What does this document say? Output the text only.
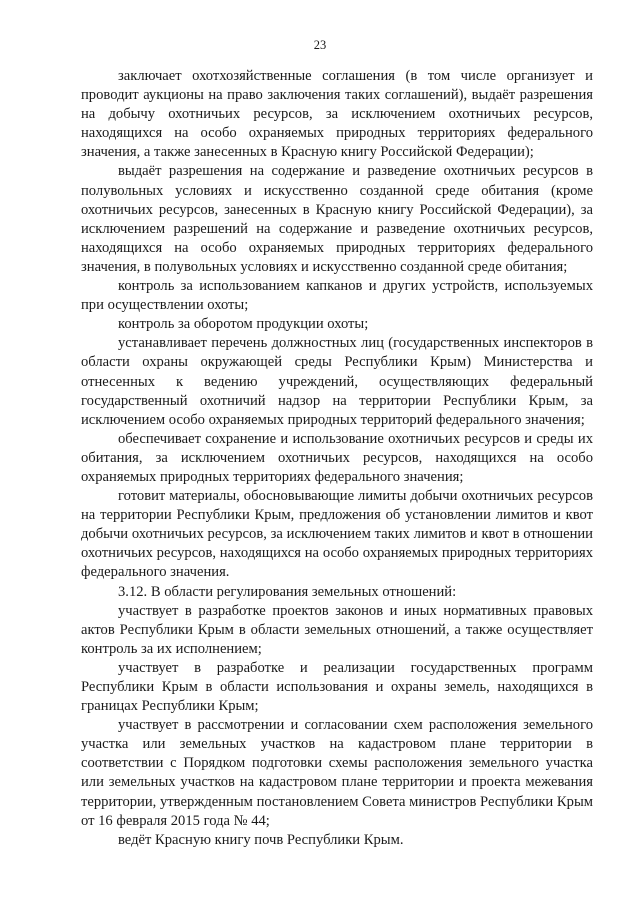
23

заключает охотхозяйственные соглашения (в том числе организует и проводит аукционы на право заключения таких соглашений), выдаёт разрешения на добычу охотничьих ресурсов, за исключением охотничьих ресурсов, находящихся на особо охраняемых природных территориях федерального значения, а также занесенных в Красную книгу Российской Федерации);

выдаёт разрешения на содержание и разведение охотничьих ресурсов в полувольных условиях и искусственно созданной среде обитания (кроме охотничьих ресурсов, занесенных в Красную книгу Российской Федерации), за исключением разрешений на содержание и разведение охотничьих ресурсов, находящихся на особо охраняемых природных территориях федерального значения, в полувольных условиях и искусственно созданной среде обитания;

контроль за использованием капканов и других устройств, используемых при осуществлении охоты;

контроль за оборотом продукции охоты;

устанавливает перечень должностных лиц (государственных инспекторов в области охраны окружающей среды Республики Крым) Министерства и отнесенных к ведению учреждений, осуществляющих федеральный государственный охотничий надзор на территории Республики Крым, за исключением особо охраняемых природных территорий федерального значения;

обеспечивает сохранение и использование охотничьих ресурсов и среды их обитания, за исключением охотничьих ресурсов, находящихся на особо охраняемых природных территориях федерального значения;

готовит материалы, обосновывающие лимиты добычи охотничьих ресурсов на территории Республики Крым, предложения об установлении лимитов и квот добычи охотничьих ресурсов, за исключением таких лимитов и квот в отношении охотничьих ресурсов, находящихся на особо охраняемых природных территориях федерального значения.

3.12. В области регулирования земельных отношений:

участвует в разработке проектов законов и иных нормативных правовых актов Республики Крым в области земельных отношений, а также осуществляет контроль за их исполнением;

участвует в разработке и реализации государственных программ Республики Крым в области использования и охраны земель, находящихся в границах Республики Крым;

участвует в рассмотрении и согласовании схем расположения земельного участка или земельных участков на кадастровом плане территории в соответствии с Порядком подготовки схемы расположения земельного участка или земельных участков на кадастровом плане территории и проекта межевания территории, утвержденным постановлением Совета министров Республики Крым от 16 февраля 2015 года № 44;

ведёт Красную книгу почв Республики Крым.
